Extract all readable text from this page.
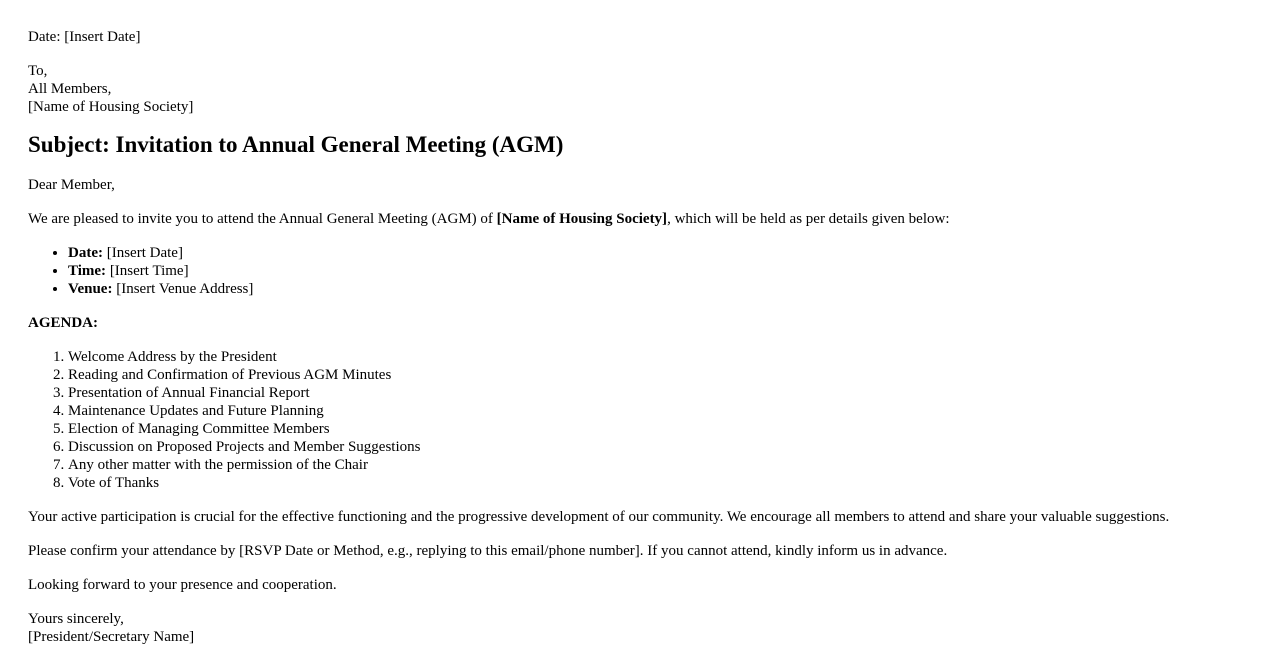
Date: [Insert Date]

To,
All Members,
[Name of Housing Society]

Subject: Invitation to Annual General Meeting (AGM)

Dear Member,

We are pleased to invite you to attend the Annual General Meeting (AGM) of [Name of Housing Society], which will be held as per details given below:

• Date: [Insert Date]
• Time: [Insert Time]
• Venue: [Insert Venue Address]

AGENDA:

1. Welcome Address by the President
2. Reading and Confirmation of Previous AGM Minutes
3. Presentation of Annual Financial Report
4. Maintenance Updates and Future Planning
5. Election of Managing Committee Members
6. Discussion on Proposed Projects and Member Suggestions
7. Any other matter with the permission of the Chair
8. Vote of Thanks

Your active participation is crucial for the effective functioning and the progressive development of our community. We encourage all members to attend and share your valuable suggestions.

Please confirm your attendance by [RSVP Date or Method, e.g., replying to this email/phone number]. If you cannot attend, kindly inform us in advance.

Looking forward to your presence and cooperation.

Yours sincerely,
[President/Secretary Name]
